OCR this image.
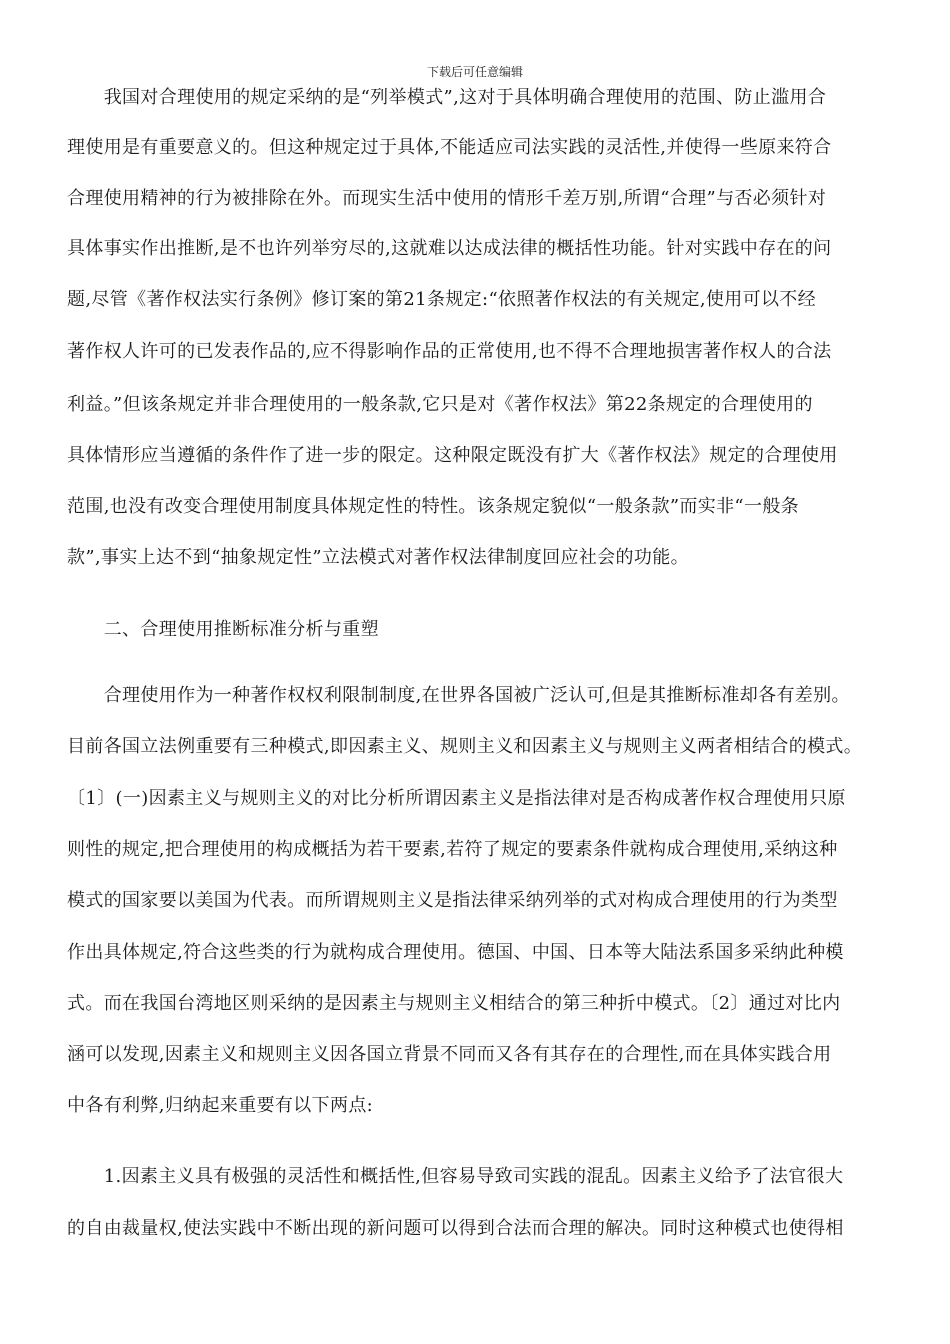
下载后可任意编辑
　　我国对合理使用的规定采纳的是“列举模式”,这对于具体明确合理使用的范围、防止滥用合
理使用是有重要意义的。但这种规定过于具体,不能适应司法实践的灵活性,并使得一些原来符合
合理使用精神的行为被排除在外。而现实生活中使用的情形千差万别,所谓“合理”与否必须针对
具体事实作出推断,是不也许列举穷尽的,这就难以达成法律的概括性功能。针对实践中存在的问
题,尽管《著作权法实行条例》修订案的第21条规定:“依照著作权法的有关规定,使用可以不经
著作权人许可的已发表作品的,应不得影响作品的正常使用,也不得不合理地损害著作权人的合法
利益。”但该条规定并非合理使用的一般条款,它只是对《著作权法》第22条规定的合理使用的
具体情形应当遵循的条件作了进一步的限定。这种限定既没有扩大《著作权法》规定的合理使用
范围,也没有改变合理使用制度具体规定性的特性。该条规定貌似“一般条款”而实非“一般条
款”,事实上达不到“抽象规定性”立法模式对著作权法律制度回应社会的功能。
　　二、合理使用推断标准分析与重塑
　　合理使用作为一种著作权权利限制制度,在世界各国被广泛认可,但是其推断标准却各有差别。
目前各国立法例重要有三种模式,即因素主义、规则主义和因素主义与规则主义两者相结合的模式。
〔1〕(一)因素主义与规则主义的对比分析所谓因素主义是指法律对是否构成著作权合理使用只原
则性的规定,把合理使用的构成概括为若干要素,若符了规定的要素条件就构成合理使用,采纳这种
模式的国家要以美国为代表。而所谓规则主义是指法律采纳列举的式对构成合理使用的行为类型
作出具体规定,符合这些类的行为就构成合理使用。德国、中国、日本等大陆法系国多采纳此种模
式。而在我国台湾地区则采纳的是因素主与规则主义相结合的第三种折中模式。〔2〕通过对比内
涵可以发现,因素主义和规则主义因各国立背景不同而又各有其存在的合理性,而在具体实践合用
中各有利弊,归纳起来重要有以下两点:
　　1.因素主义具有极强的灵活性和概括性,但容易导致司实践的混乱。因素主义给予了法官很大
的自由裁量权,使法实践中不断出现的新问题可以得到合法而合理的解决。同时这种模式也使得相
